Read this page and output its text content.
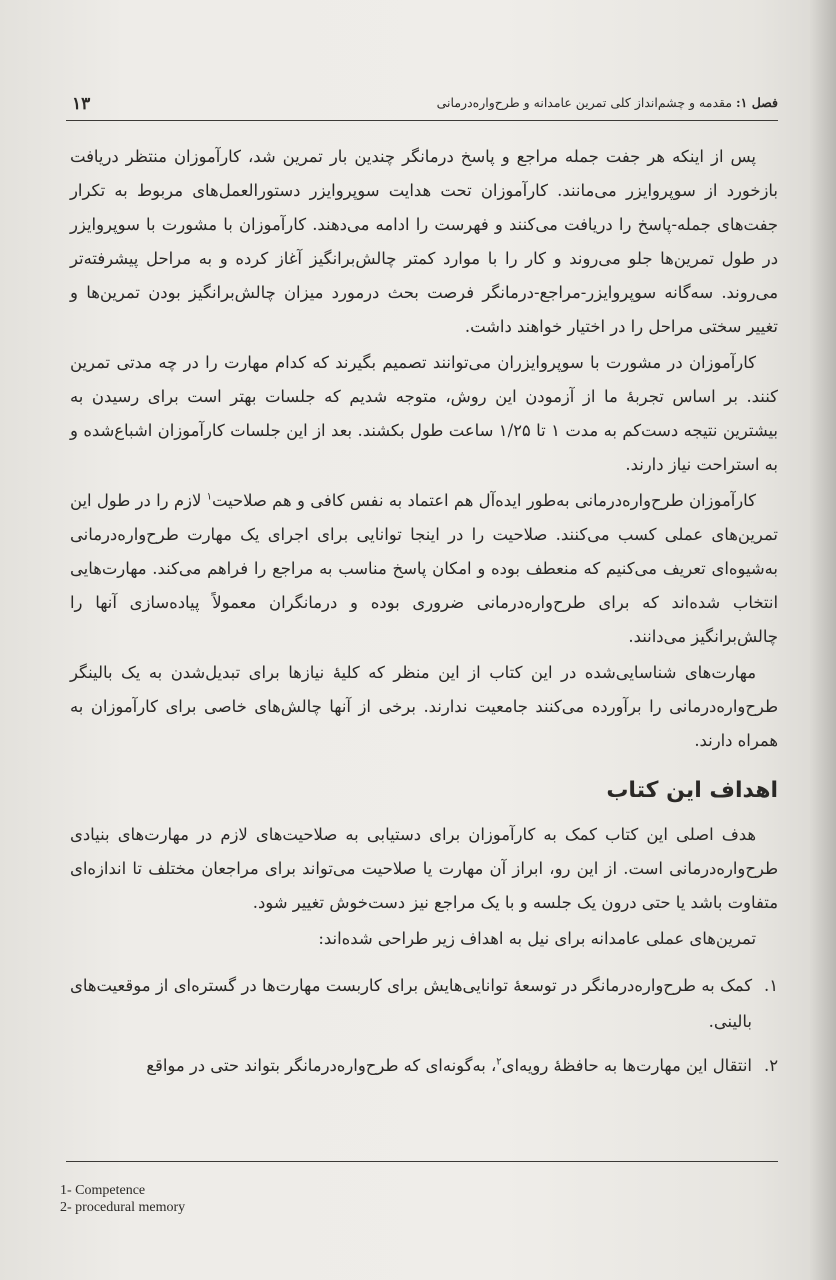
۱۳	فصل ۱: مقدمه و چشم‌انداز کلی تمرین عامدانه و طرح‌واره‌درمانی

پس از اینکه هر جفت جمله مراجع و پاسخ درمانگر چندین بار تمرین شد، کارآموزان منتظر دریافت بازخورد از سوپروایزر می‌مانند. کارآموزان تحت هدایت سوپروایزر دستورالعمل‌های مربوط به تکرار جفت‌های جمله-پاسخ را دریافت می‌کنند و فهرست را ادامه می‌دهند. کارآموزان با مشورت با سوپروایزر در طول تمرین‌ها جلو می‌روند و کار را با موارد کمتر چالش‌برانگیز آغاز کرده و به مراحل پیشرفته‌تر می‌روند. سه‌گانه سوپروایزر-مراجع-درمانگر فرصت بحث درمورد میزان چالش‌برانگیز بودن تمرین‌ها و تغییر سختی مراحل را در اختیار خواهند داشت.

کارآموزان در مشورت با سوپروایزران می‌توانند تصمیم بگیرند که کدام مهارت را در چه مدتی تمرین کنند. بر اساس تجربهٔ ما از آزمودن این روش، متوجه شدیم که جلسات بهتر است برای رسیدن به بیشترین نتیجه دست‌کم به مدت ۱ تا ۱/۲۵ ساعت طول بکشند. بعد از این جلسات کارآموزان اشباع‌شده و به استراحت نیاز دارند.

کارآموزان طرح‌واره‌درمانی به‌طور ایده‌آل هم اعتماد به نفس کافی و هم صلاحیت$^۱$ لازم را در طول این تمرین‌های عملی کسب می‌کنند. صلاحیت را در اینجا توانایی برای اجرای یک مهارت طرح‌واره‌درمانی به‌شیوه‌ای تعریف می‌کنیم که منعطف بوده و امکان پاسخ مناسب به مراجع را فراهم می‌کند. مهارت‌هایی انتخاب شده‌اند که برای طرح‌واره‌درمانی ضروری بوده و درمانگران معمولاً پیاده‌سازی آنها را چالش‌برانگیز می‌دانند.

مهارت‌های شناسایی‌شده در این کتاب از این منظر که کلیهٔ نیازها برای تبدیل‌شدن به یک بالینگر طرح‌واره‌درمانی را برآورده می‌کنند جامعیت ندارند. برخی از آنها چالش‌های خاصی برای کارآموزان به همراه دارند.

اهداف این کتاب

هدف اصلی این کتاب کمک به کارآموزان برای دستیابی به صلاحیت‌های لازم در مهارت‌های بنیادی طرح‌واره‌درمانی است. از این رو، ابراز آن مهارت یا صلاحیت می‌تواند برای مراجعان مختلف تا اندازه‌ای متفاوت باشد یا حتی درون یک جلسه و با یک مراجع نیز دست‌خوش تغییر شود.

تمرین‌های عملی عامدانه برای نیل به اهداف زیر طراحی شده‌اند:

۱.
کمک به طرح‌واره‌درمانگر در توسعهٔ توانایی‌هایش برای کاربست مهارت‌ها در گستره‌ای از موقعیت‌های بالینی.
۲.
انتقال این مهارت‌ها به حافظهٔ رویه‌ای$^۲$، به‌گونه‌ای که طرح‌واره‌درمانگر بتواند حتی در مواقع
1- Competence
2- procedural memory
